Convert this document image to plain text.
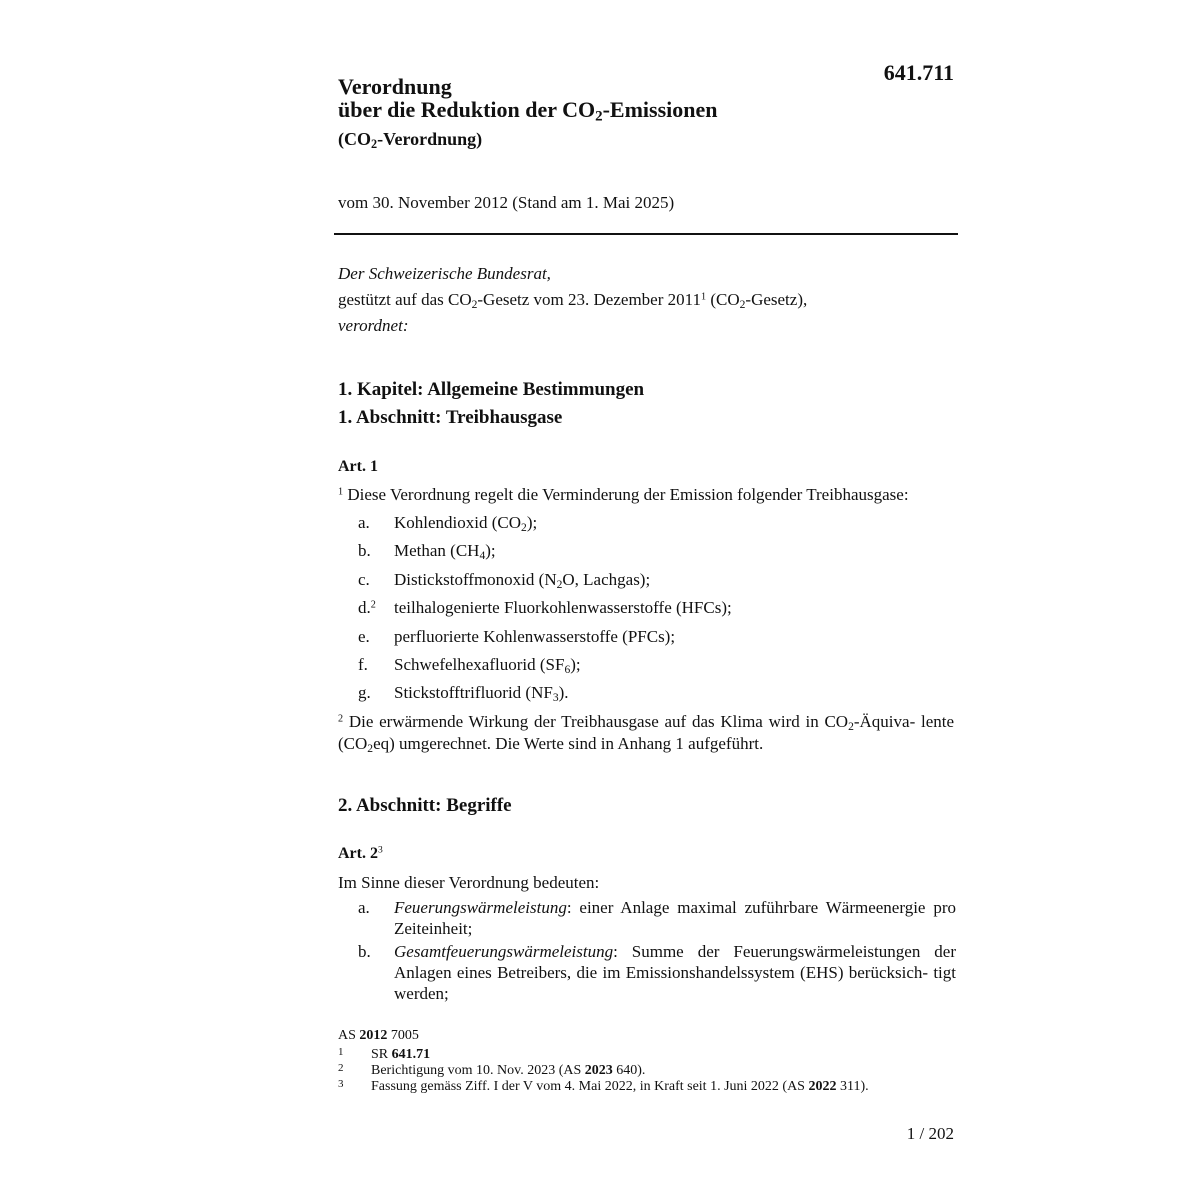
641.711
Verordnung
über die Reduktion der $CO_2$-Emissionen
$(CO_2-Verordnung)$
vom 30. November 2012 (Stand am 1. Mai 2025)
Der Schweizerische Bundesrat,
gestützt auf das $CO_2$-Gesetz vom 23. Dezember 2011$^1$ $(CO_2-Gesetz)$,
verordnet:
1. Kapitel: Allgemeine Bestimmungen
1. Abschnitt: Treibhausgase
Art. 1
$^1$ Diese Verordnung regelt die Verminderung der Emission folgender Treibhausgase:
a. Kohlendioxid $(CO_2)$;
b. Methan $(CH_4)$;
c. Distickstoffmonoxid ($N_2O$, Lachgas);
d.$^2$ teilhalogenierte Fluorkohlenwasserstoffe (HFCs);
e. perfluorierte Kohlenwasserstoffe (PFCs);
f. Schwefelhexafluorid $(SF_6)$;
g. Stickstofftrifluorid $(NF_3)$.
$^2$ Die erwärmende Wirkung der Treibhausgase auf das Klima wird in $CO_2-Äquiva-$ lente $(CO_2eq)$ umgerechnet. Die Werte sind in Anhang 1 aufgeführt.
2. Abschnitt: Begriffe
Art. $2^3$
Im Sinne dieser Verordnung bedeuten:
a. Feuerungswärmeleistung: einer Anlage maximal zuführbare Wärmeenergie pro Zeiteinheit;
b. Gesamtfeuerungswärmeleistung: Summe der Feuerungswärmeleistungen der Anlagen eines Betreibers, die im Emissionshandelssystem (EHS) berücksich- tigt werden;
AS 2012 7005
1 SR 641.71
2 Berichtigung vom 10. Nov. 2023 (AS 2023 640).
3 Fassung gemäss Ziff. I der V vom 4. Mai 2022, in Kraft seit 1. Juni 2022 (AS 2022 311).
1 / 202
